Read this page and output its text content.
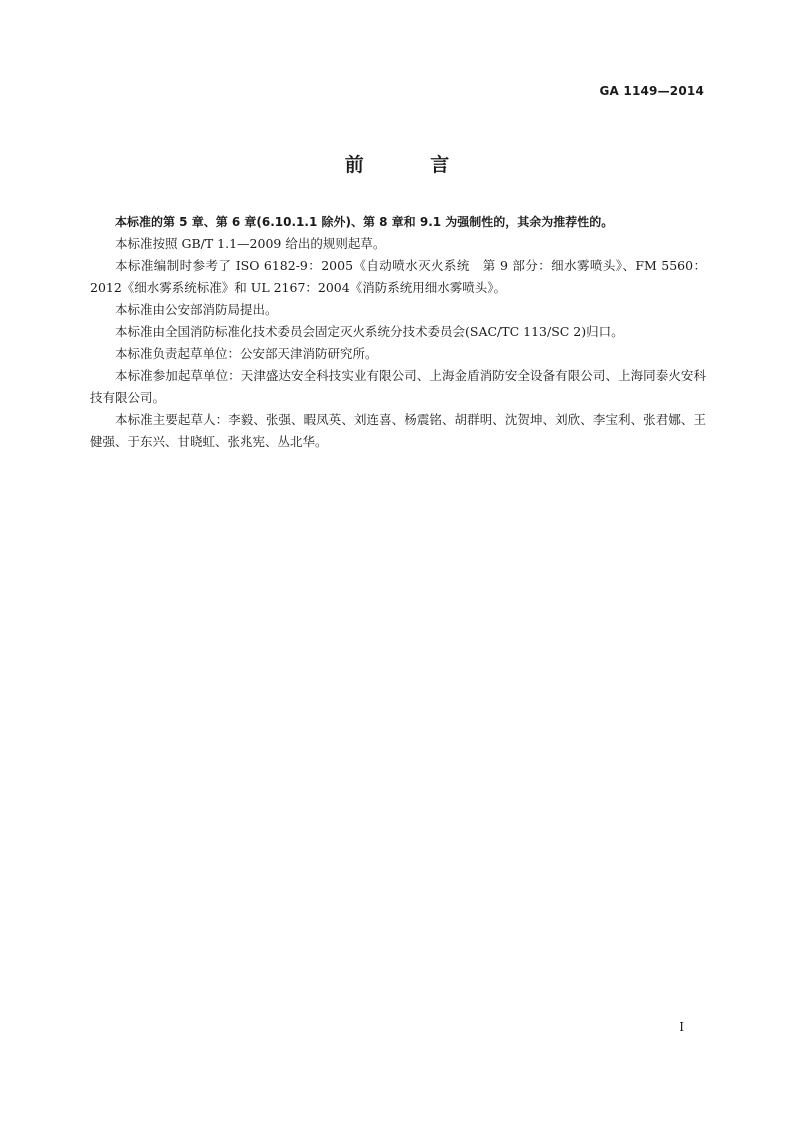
GA 1149—2014
前 言

本标准的第 5 章、第 6 章(6.10.1.1 除外)、第 8 章和 9.1 为强制性的，其余为推荐性的。

本标准按照 GB/T 1.1—2009 给出的规则起草。

本标准编制时参考了 ISO 6182-9：2005《自动喷水灭火系统　第 9 部分：细水雾喷头》、FM 5560：2012《细水雾系统标准》和 UL 2167：2004《消防系统用细水雾喷头》。

本标准由公安部消防局提出。

本标准由全国消防标准化技术委员会固定灭火系统分技术委员会(SAC/TC 113/SC 2)归口。

本标准负责起草单位：公安部天津消防研究所。

本标准参加起草单位：天津盛达安全科技实业有限公司、上海金盾消防安全设备有限公司、上海同泰火安科技有限公司。

本标准主要起草人：李毅、张强、暇凤英、刘连喜、杨震铭、胡群明、沈贺坤、刘欣、李宝利、张君娜、王健强、于东兴、甘晓虹、张兆宪、丛北华。

I
